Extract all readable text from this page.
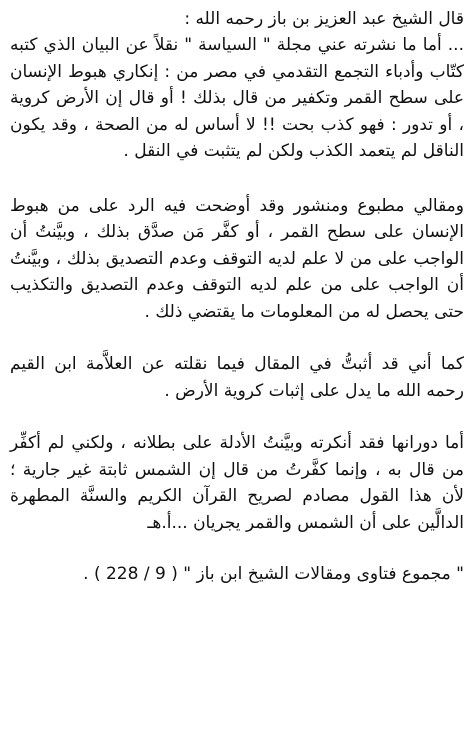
قال الشيخ عبد العزيز بن باز رحمه الله :

... أما ما نشرته عني مجلة " السياسة " نقلاً عن البيان الذي كتبه كتّاب وأدباء التجمع التقدمي في مصر من : إنكاري هبوط الإنسان على سطح القمر وتكفير من قال بذلك ! أو قال إن الأرض كروية ، أو تدور : فهو كذب بحت !! لا أساس له من الصحة ، وقد يكون الناقل لم يتعمد الكذب ولكن لم يتثبت في النقل .

ومقالي مطبوع ومنشور وقد أوضحت فيه الرد على من هبوط الإنسان على سطح القمر ، أو كفَّر مَن صدَّق بذلك ، وبيَّنتُ أن الواجب على من لا علم لديه التوقف وعدم التصديق بذلك ، وبيَّنتُ أن الواجب على من علم لديه التوقف وعدم التصديق والتكذيب حتى يحصل له من المعلومات ما يقتضي ذلك .

كما أني قد أثبتُّ في المقال فيما نقلته عن العلاَّمة ابن القيم رحمه الله ما يدل على إثبات كروية الأرض .

أما دورانها فقد أنكرته وبيَّنتُ الأدلة على بطلانه ، ولكني لم أكفِّر من قال به ، وإنما كفَّرتُ من قال إن الشمس ثابتة غير جارية ؛ لأن هذا القول مصادم لصريح القرآن الكريم والسنَّة المطهرة الدالَّين على أن الشمس والقمر يجريان ...أ.هـ

" مجموع فتاوى ومقالات الشيخ ابن باز " ( 9 / 228 ) .
